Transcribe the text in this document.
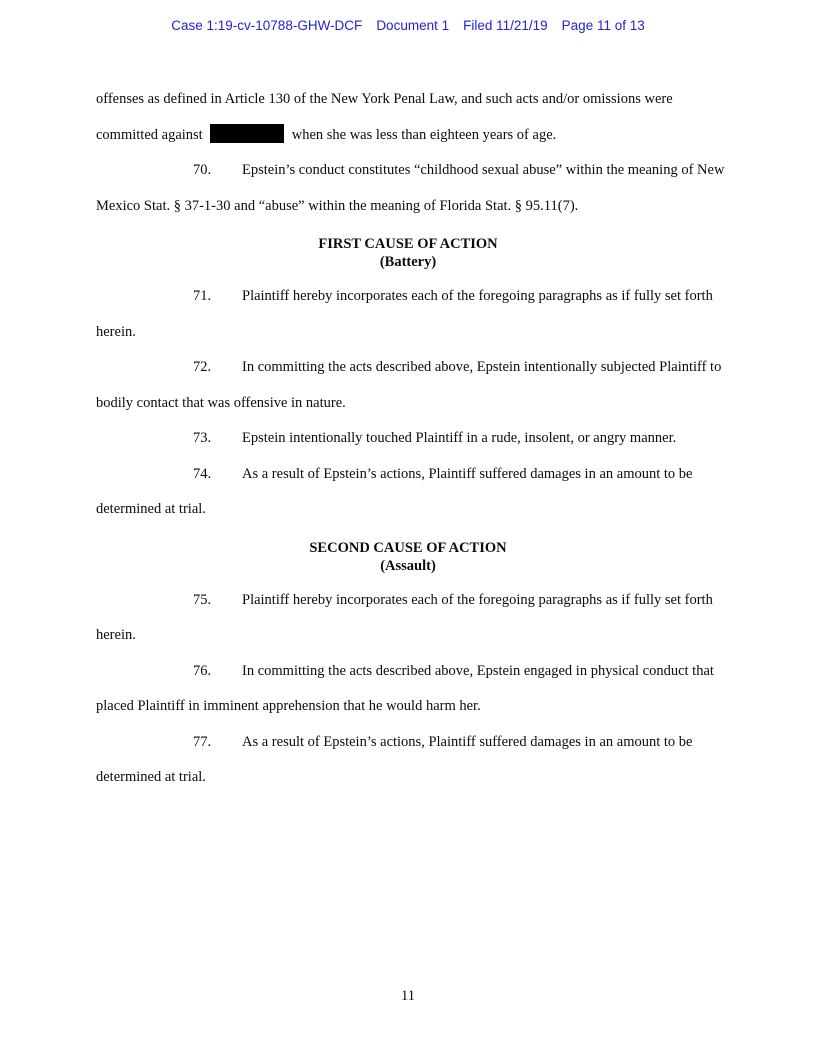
Case 1:19-cv-10788-GHW-DCF Document 1 Filed 11/21/19 Page 11 of 13

offenses as defined in Article 130 of the New York Penal Law, and such acts and/or omissions were committed against	when she was less than eighteen years of age.

70. Epstein’s conduct constitutes “childhood sexual abuse” within the meaning of New Mexico Stat. § 37-1-30 and “abuse” within the meaning of Florida Stat. § 95.11(7).

FIRST CAUSE OF ACTION
(Battery)

71. Plaintiff hereby incorporates each of the foregoing paragraphs as if fully set forth herein.

72. In committing the acts described above, Epstein intentionally subjected Plaintiff to bodily contact that was offensive in nature.

73. Epstein intentionally touched Plaintiff in a rude, insolent, or angry manner.

74. As a result of Epstein’s actions, Plaintiff suffered damages in an amount to be determined at trial.

SECOND CAUSE OF ACTION
(Assault)

75. Plaintiff hereby incorporates each of the foregoing paragraphs as if fully set forth herein.

76. In committing the acts described above, Epstein engaged in physical conduct that placed Plaintiff in imminent apprehension that he would harm her.

77. As a result of Epstein’s actions, Plaintiff suffered damages in an amount to be determined at trial.

11
